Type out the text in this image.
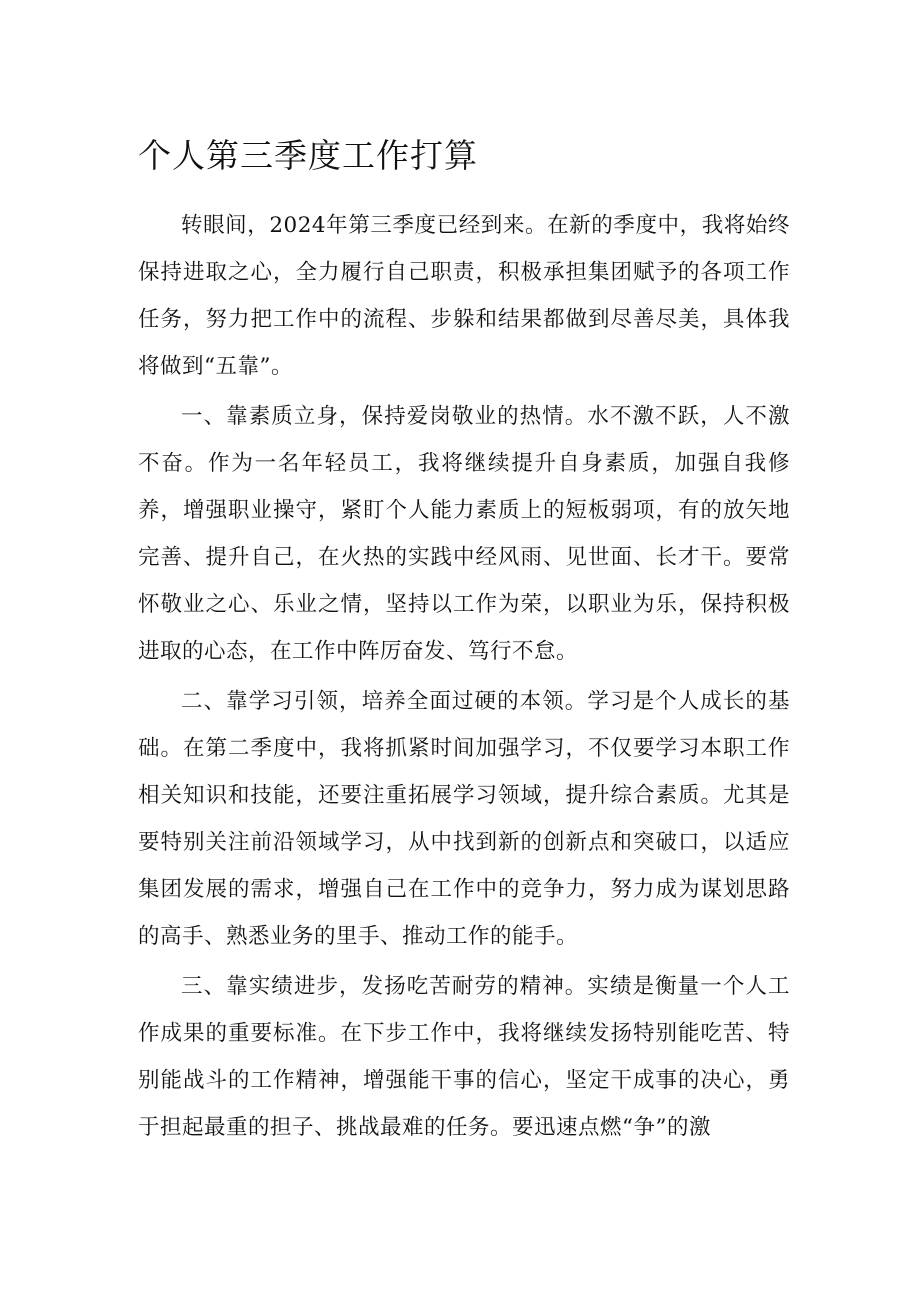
个人第三季度工作打算

转眼间，2024年第三季度已经到来。在新的季度中，我将始终保持进取之心，全力履行自己职责，积极承担集团赋予的各项工作任务，努力把工作中的流程、步躲和结果都做到尽善尽美，具体我将做到“五靠”。

一、靠素质立身，保持爱岗敬业的热情。水不激不跃，人不激不奋。作为一名年轻员工，我将继续提升自身素质，加强自我修养，增强职业操守，紧盯个人能力素质上的短板弱项，有的放矢地完善、提升自己，在火热的实践中经风雨、见世面、长才干。要常怀敬业之心、乐业之情，坚持以工作为荣，以职业为乐，保持积极进取的心态，在工作中阵厉奋发、笃行不怠。

二、靠学习引领，培养全面过硬的本领。学习是个人成长的基础。在第二季度中，我将抓紧时间加强学习，不仅要学习本职工作相关知识和技能，还要注重拓展学习领域，提升综合素质。尤其是要特别关注前沿领域学习，从中找到新的创新点和突破口，以适应集团发展的需求，增强自己在工作中的竞争力，努力成为谋划思路的高手、熟悉业务的里手、推动工作的能手。

三、靠实绩进步，发扬吃苦耐劳的精神。实绩是衡量一个人工作成果的重要标准。在下步工作中，我将继续发扬特别能吃苦、特别能战斗的工作精神，增强能干事的信心，坚定干成事的决心，勇于担起最重的担子、挑战最难的任务。要迅速点燃“争”的激
